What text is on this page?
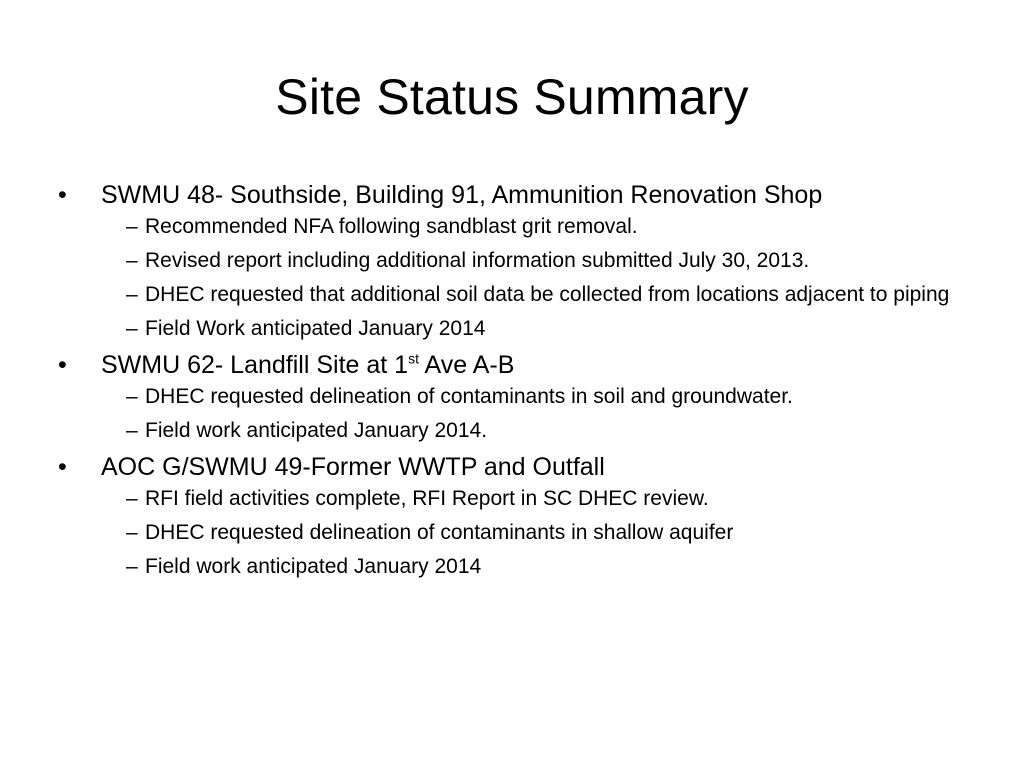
Site Status Summary
•	SWMU 48- Southside, Building 91, Ammunition Renovation Shop
– Recommended NFA following sandblast grit removal.
– Revised report including additional information submitted July 30, 2013.
– DHEC requested that additional soil data be collected from locations adjacent to piping
– Field Work anticipated January 2014
•	SWMU 62- Landfill Site at 1st Ave A-B
– DHEC requested delineation of contaminants in soil and groundwater.
– Field work anticipated January 2014.
•	AOC G/SWMU 49-Former WWTP and Outfall
– RFI field activities complete, RFI Report in SC DHEC review.
– DHEC requested delineation of contaminants in shallow aquifer
– Field work anticipated January 2014
